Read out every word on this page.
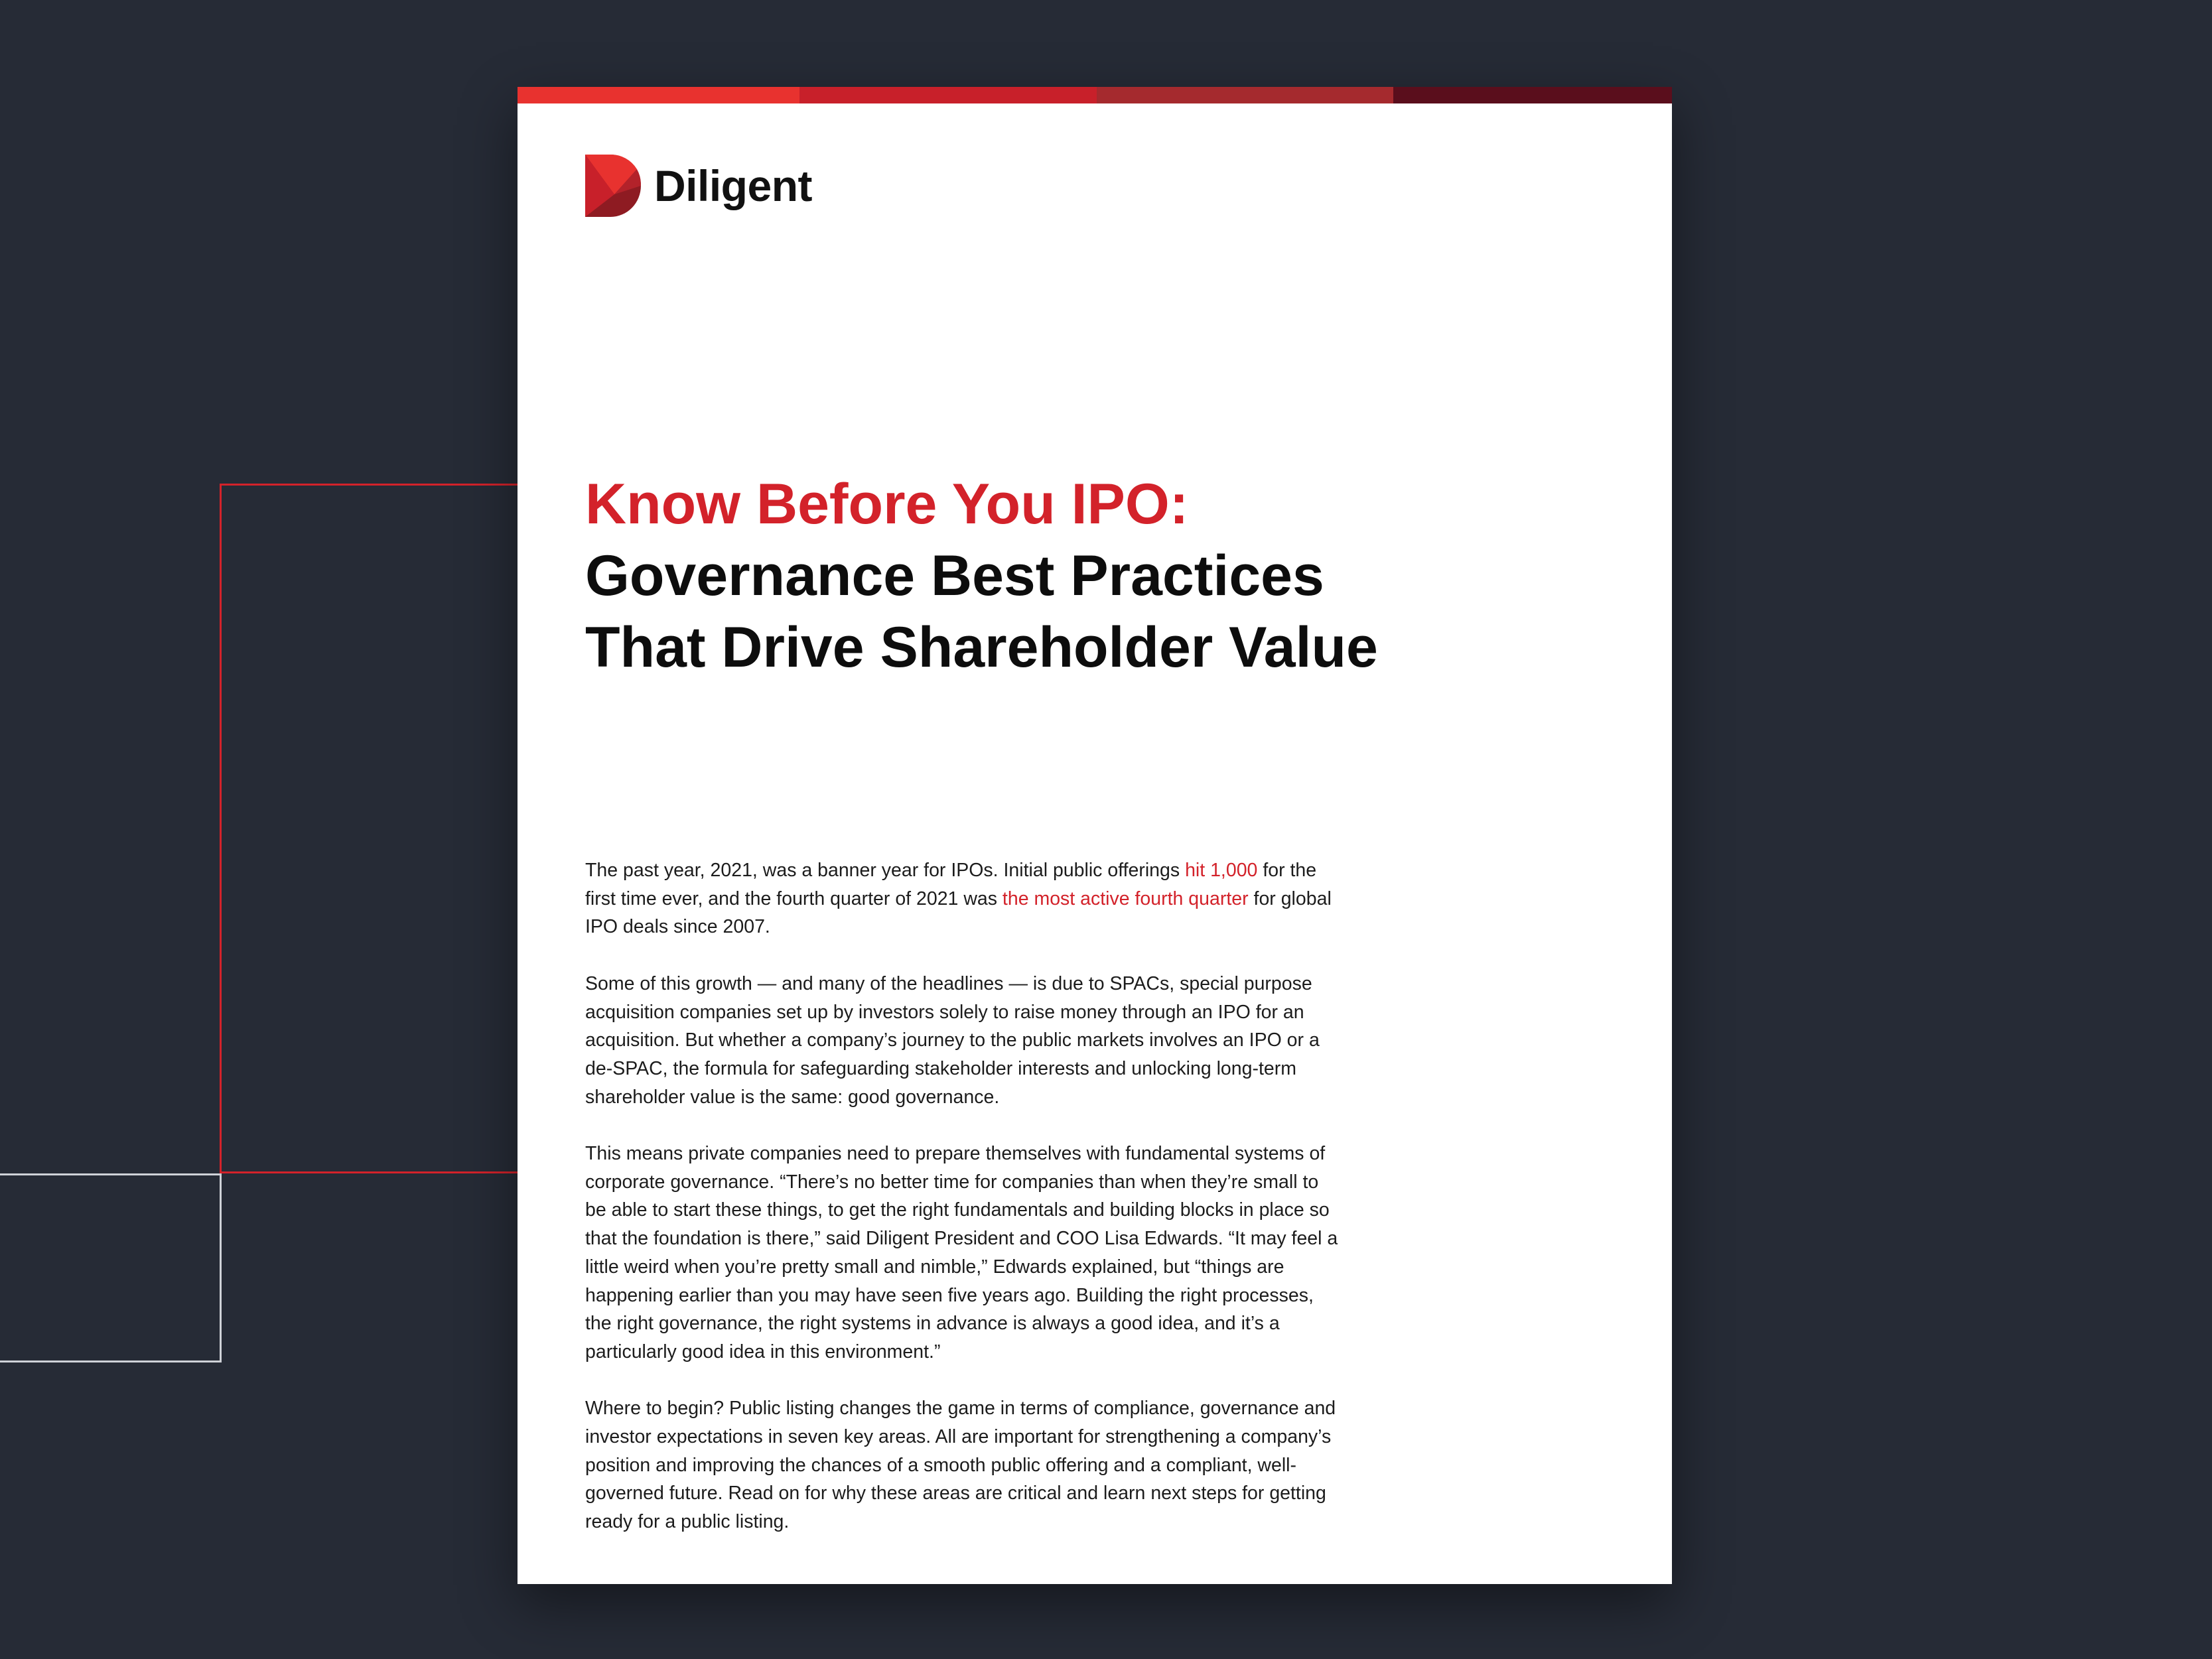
Diligent
Know Before You IPO:
Governance Best Practices
That Drive Shareholder Value

The past year, 2021, was a banner year for IPOs. Initial public offerings hit 1,000 for the first time ever, and the fourth quarter of 2021 was the most active fourth quarter for global IPO deals since 2007.

Some of this growth — and many of the headlines — is due to SPACs, special purpose acquisition companies set up by investors solely to raise money through an IPO for an acquisition. But whether a company’s journey to the public markets involves an IPO or a de-SPAC, the formula for safeguarding stakeholder interests and unlocking long-term shareholder value is the same: good governance.

This means private companies need to prepare themselves with fundamental systems of corporate governance. “There’s no better time for companies than when they’re small to be able to start these things, to get the right fundamentals and building blocks in place so that the foundation is there,” said Diligent President and COO Lisa Edwards. “It may feel a little weird when you’re pretty small and nimble,” Edwards explained, but “things are happening earlier than you may have seen five years ago. Building the right processes, the right governance, the right systems in advance is always a good idea, and it’s a particularly good idea in this environment.”

Where to begin? Public listing changes the game in terms of compliance, governance and investor expectations in seven key areas. All are important for strengthening a company’s position and improving the chances of a smooth public offering and a compliant, well-governed future. Read on for why these areas are critical and learn next steps for getting ready for a public listing.
